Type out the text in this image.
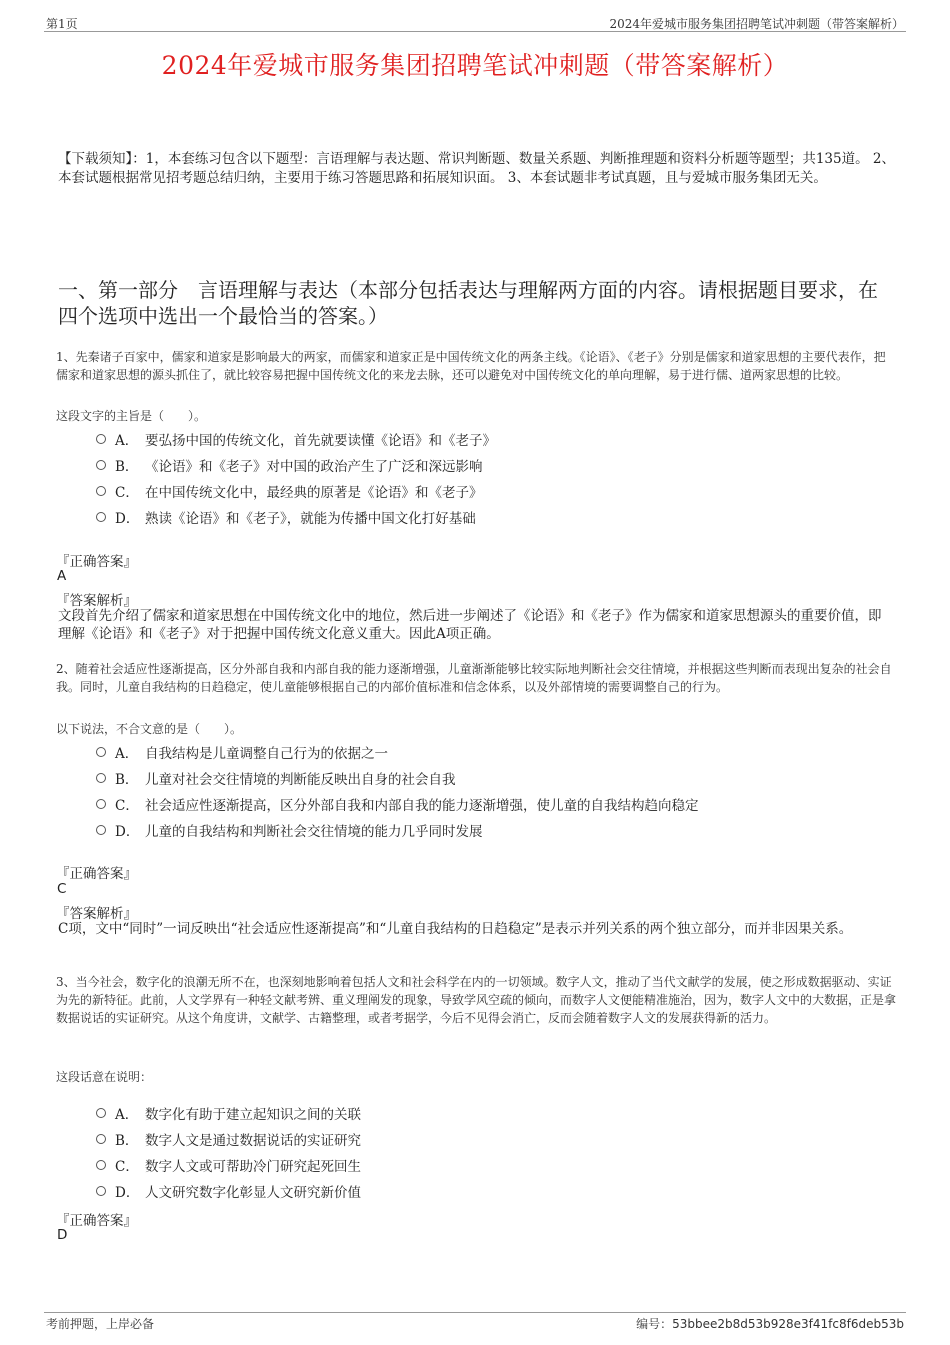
第1页	2024年爱城市服务集团招聘笔试冲刺题（带答案解析）
2024年爱城市服务集团招聘笔试冲刺题（带答案解析）
【下载须知】：1，本套练习包含以下题型：言语理解与表达题、常识判断题、数量关系题、判断推理题和资料分析题等题型；共135道。 2、本套试题根据常见招考题总结归纳，主要用于练习答题思路和拓展知识面。 3、本套试题非考试真题，且与爱城市服务集团无关。
一、第一部分　言语理解与表达（本部分包括表达与理解两方面的内容。请根据题目要求，在四个选项中选出一个最恰当的答案。）
1、先秦诸子百家中，儒家和道家是影响最大的两家，而儒家和道家正是中国传统文化的两条主线。《论语》、《老子》分别是儒家和道家思想的主要代表作，把儒家和道家思想的源头抓住了，就比较容易把握中国传统文化的来龙去脉，还可以避免对中国传统文化的单向理解，易于进行儒、道两家思想的比较。
这段文字的主旨是（　　）。
A． 要弘扬中国的传统文化，首先就要读懂《论语》和《老子》
B． 《论语》和《老子》对中国的政治产生了广泛和深远影响
C． 在中国传统文化中，最经典的原著是《论语》和《老子》
D． 熟读《论语》和《老子》，就能为传播中国文化打好基础
『正确答案』
A
『答案解析』
文段首先介绍了儒家和道家思想在中国传统文化中的地位，然后进一步阐述了《论语》和《老子》作为儒家和道家思想源头的重要价值，即理解《论语》和《老子》对于把握中国传统文化意义重大。因此A项正确。
2、随着社会适应性逐渐提高，区分外部自我和内部自我的能力逐渐增强，儿童渐渐能够比较实际地判断社会交往情境，并根据这些判断而表现出复杂的社会自我。同时，儿童自我结构的日趋稳定，使儿童能够根据自己的内部价值标准和信念体系，以及外部情境的需要调整自己的行为。
以下说法，不合文意的是（　　）。
A． 自我结构是儿童调整自己行为的依据之一
B． 儿童对社会交往情境的判断能反映出自身的社会自我
C． 社会适应性逐渐提高，区分外部自我和内部自我的能力逐渐增强，使儿童的自我结构趋向稳定
D． 儿童的自我结构和判断社会交往情境的能力几乎同时发展
『正确答案』
C
『答案解析』
C项，文中“同时”一词反映出“社会适应性逐渐提高”和“儿童自我结构的日趋稳定”是表示并列关系的两个独立部分，而并非因果关系。
3、当今社会，数字化的浪潮无所不在，也深刻地影响着包括人文和社会科学在内的一切领域。数字人文，推动了当代文献学的发展，使之形成数据驱动、实证为先的新特征。此前，人文学界有一种轻文献考辨、重义理阐发的现象，导致学风空疏的倾向，而数字人文便能精准施治，因为，数字人文中的大数据，正是拿数据说话的实证研究。从这个角度讲，文献学、古籍整理，或者考据学，今后不见得会消亡，反而会随着数字人文的发展获得新的活力。
这段话意在说明：
A． 数字化有助于建立起知识之间的关联
B． 数字人文是通过数据说话的实证研究
C． 数字人文或可帮助冷门研究起死回生
D． 人文研究数字化彰显人文研究新价值
『正确答案』
D
考前押题，上岸必备	编号：53bbee2b8d53b928e3f41fc8f6deb53b
